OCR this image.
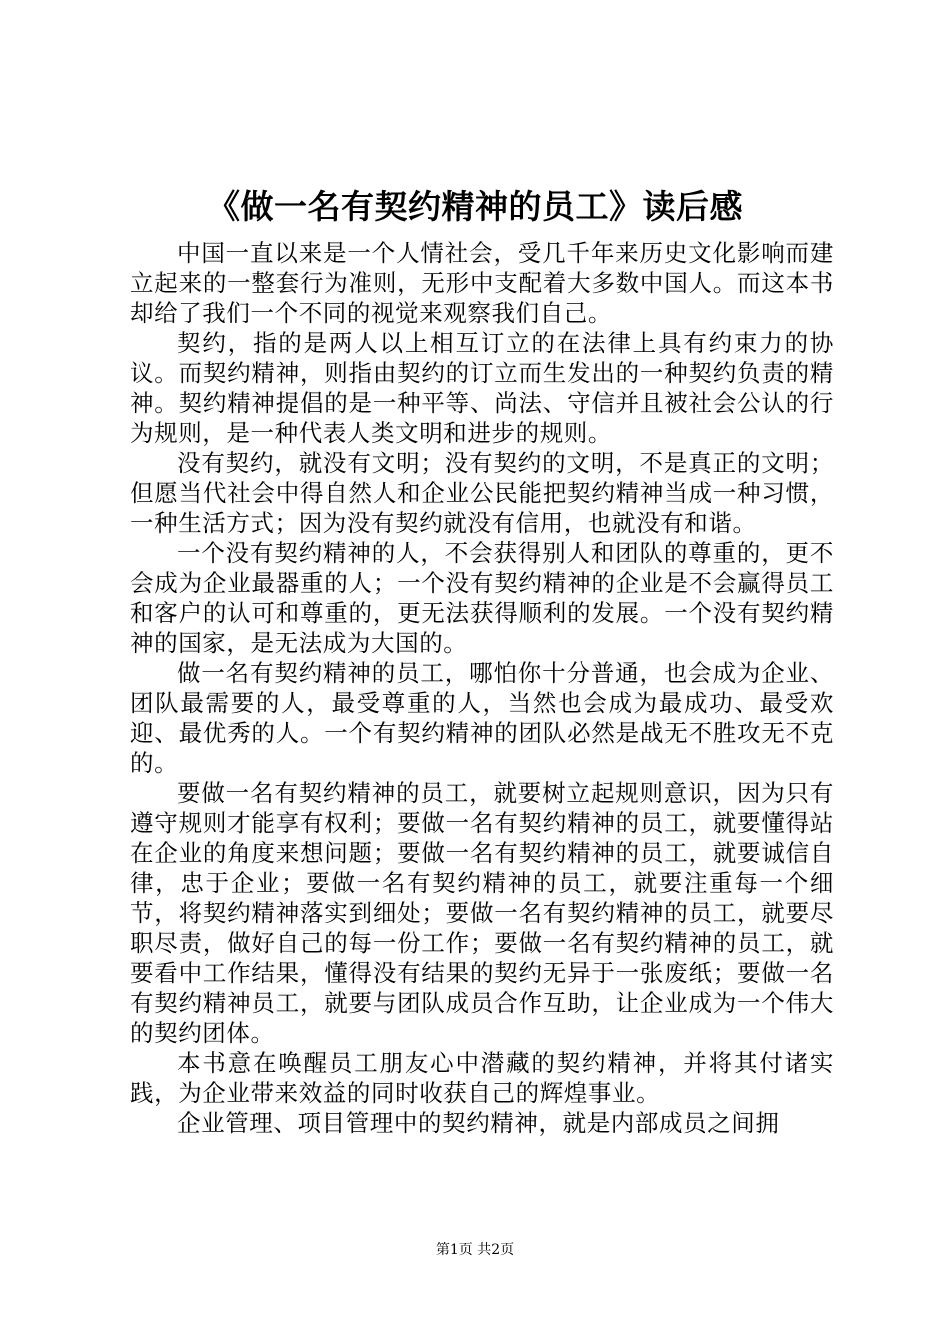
《做一名有契约精神的员工》读后感

中国一直以来是一个人情社会，受几千年来历史文化影响而建立起来的一整套行为准则，无形中支配着大多数中国人。而这本书却给了我们一个不同的视觉来观察我们自己。

契约，指的是两人以上相互订立的在法律上具有约束力的协议。而契约精神，则指由契约的订立而生发出的一种契约负责的精神。契约精神提倡的是一种平等、尚法、守信并且被社会公认的行为规则，是一种代表人类文明和进步的规则。

没有契约，就没有文明；没有契约的文明，不是真正的文明；但愿当代社会中得自然人和企业公民能把契约精神当成一种习惯，一种生活方式；因为没有契约就没有信用，也就没有和谐。

一个没有契约精神的人，不会获得别人和团队的尊重的，更不会成为企业最器重的人；一个没有契约精神的企业是不会赢得员工和客户的认可和尊重的，更无法获得顺利的发展。一个没有契约精神的国家，是无法成为大国的。

做一名有契约精神的员工，哪怕你十分普通，也会成为企业、团队最需要的人，最受尊重的人，当然也会成为最成功、最受欢迎、最优秀的人。一个有契约精神的团队必然是战无不胜攻无不克的。

要做一名有契约精神的员工，就要树立起规则意识，因为只有遵守规则才能享有权利；要做一名有契约精神的员工，就要懂得站在企业的角度来想问题；要做一名有契约精神的员工，就要诚信自律，忠于企业；要做一名有契约精神的员工，就要注重每一个细节，将契约精神落实到细处；要做一名有契约精神的员工，就要尽职尽责，做好自己的每一份工作；要做一名有契约精神的员工，就要看中工作结果，懂得没有结果的契约无异于一张废纸；要做一名有契约精神员工，就要与团队成员合作互助，让企业成为一个伟大的契约团体。

本书意在唤醒员工朋友心中潜藏的契约精神，并将其付诸实践，为企业带来效益的同时收获自己的辉煌事业。

企业管理、项目管理中的契约精神，就是内部成员之间拥

第1页 共2页
